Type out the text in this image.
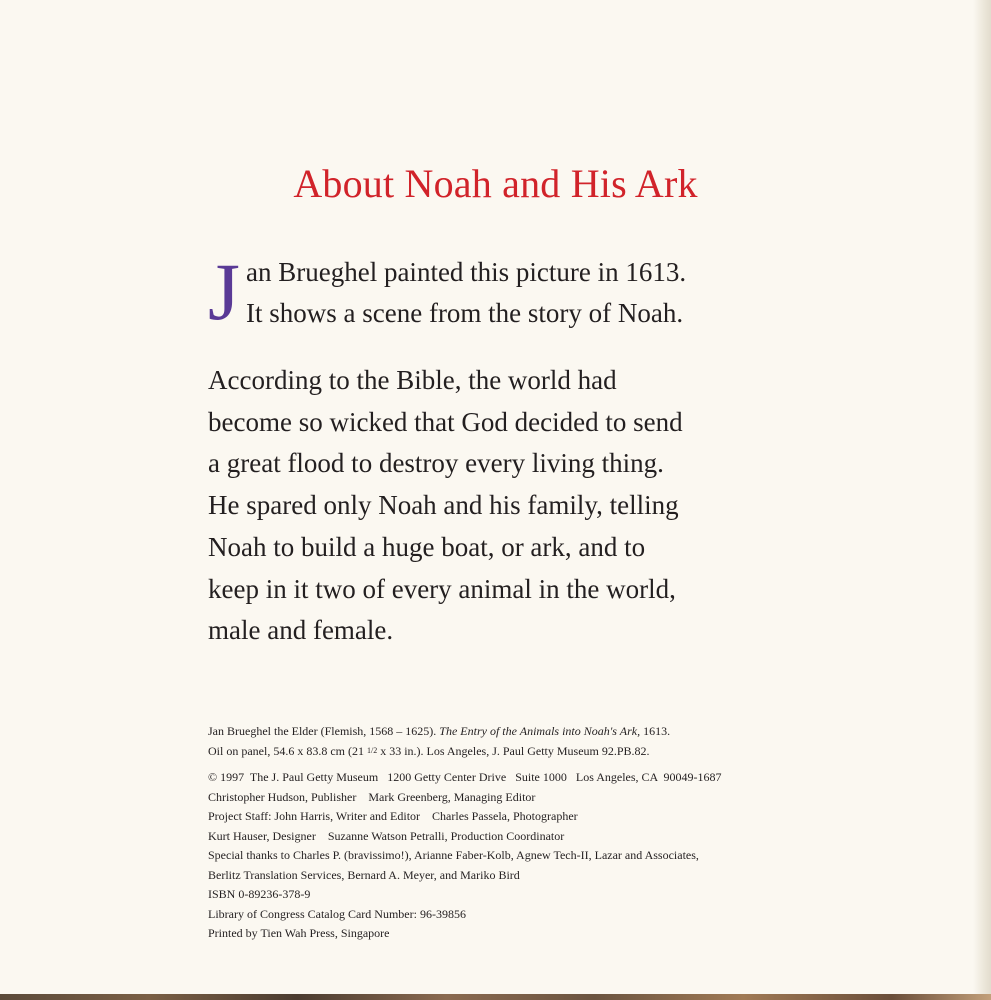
About Noah and His Ark
J an Brueghel painted this picture in 1613.
It shows a scene from the story of Noah.
According to the Bible, the world had
become so wicked that God decided to send
a great flood to destroy every living thing.
He spared only Noah and his family, telling
Noah to build a huge boat, or ark, and to
keep in it two of every animal in the world,
male and female.
Jan Brueghel the Elder (Flemish, 1568 – 1625). The Entry of the Animals into Noah's Ark, 1613.
Oil on panel, 54.6 x 83.8 cm (21 1/2 x 33 in.). Los Angeles, J. Paul Getty Museum 92.PB.82.
© 1997  The J. Paul Getty Museum   1200 Getty Center Drive   Suite 1000   Los Angeles, CA  90049-1687
Christopher Hudson, Publisher    Mark Greenberg, Managing Editor
Project Staff: John Harris, Writer and Editor    Charles Passela, Photographer
Kurt Hauser, Designer    Suzanne Watson Petralli, Production Coordinator
Special thanks to Charles P. (bravissimo!), Arianne Faber-Kolb, Agnew Tech-II, Lazar and Associates,
Berlitz Translation Services, Bernard A. Meyer, and Mariko Bird
ISBN 0-89236-378-9
Library of Congress Catalog Card Number: 96-39856
Printed by Tien Wah Press, Singapore
